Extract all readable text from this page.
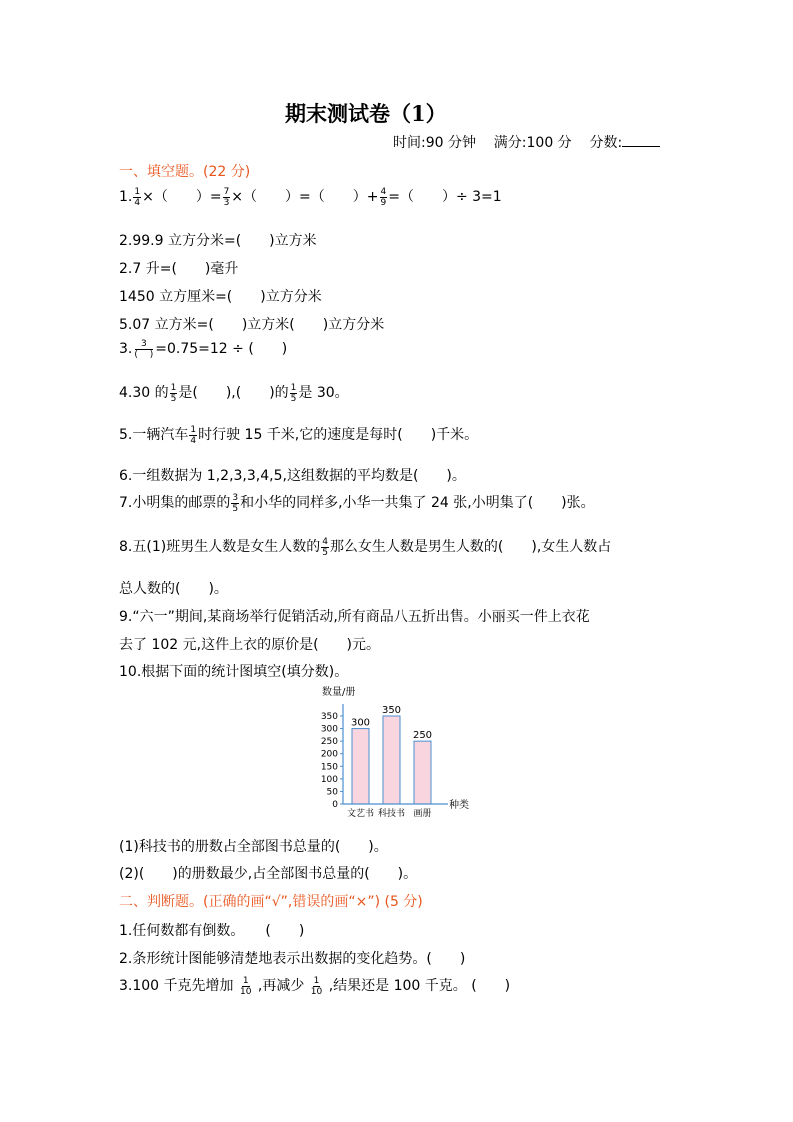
期末测试卷（1）
时间:90 分钟 满分:100 分 分数:
一、填空题。(22 分)
1. $\frac{1}{4}$ ×（　　）= $\frac{7}{3}$ ×（　　）=（　　）+ $\frac{4}{9}$ =（　　）÷ 3=1
2.99.9 立方分米=(　　)立方米
2.7 升=(　　)毫升
1450 立方厘米=(　　)立方分米
5.07 立方米=(　　)立方米(　　)立方分米
3. $\frac{3}{( )} =0.75=12$ ÷ (　　)
4.30 的 $\frac{1}{5}$ 是(　　),(　　)的 $\frac{1}{5}$ 是 30。
5.一辆汽车 $\frac{1}{4}$ 时行驶 15 千米,它的速度是每时(　　)千米。
6.一组数据为 1,2,3,3,4,5,这组数据的平均数是(　　)。
7.小明集的邮票的 $\frac{3}{5}$ 和小华的同样多,小华一共集了 24 张,小明集了(　　)张。
8.五(1)班男生人数是女生人数的 $\frac{4}{5}$ 那么女生人数是男生人数的(　　),女生人数占
总人数的(　　)。
9.“六一”期间,某商场举行促销活动,所有商品八五折出售。小丽买一件上衣花
去了 102 元,这件上衣的原价是(　　)元。
10.根据下面的统计图填空(填分数)。
数量/册
0
50
100
150
200
250
300
350
300
文艺书
350
科技书
250
画册
种类
(1)科技书的册数占全部图书总量的(　　)。
(2)(　　)的册数最少,占全部图书总量的(　　)。
二、判断题。(正确的画“√”,错误的画“×”) (5 分)
1.任何数都有倒数。　　(　　)
2.条形统计图能够清楚地表示出数据的变化趋势。(　　)
3.100 千克先增加 $\frac{1}{10}$ ,再减少 $\frac{1}{10}$ ,结果还是 100 千克。 (　　)
